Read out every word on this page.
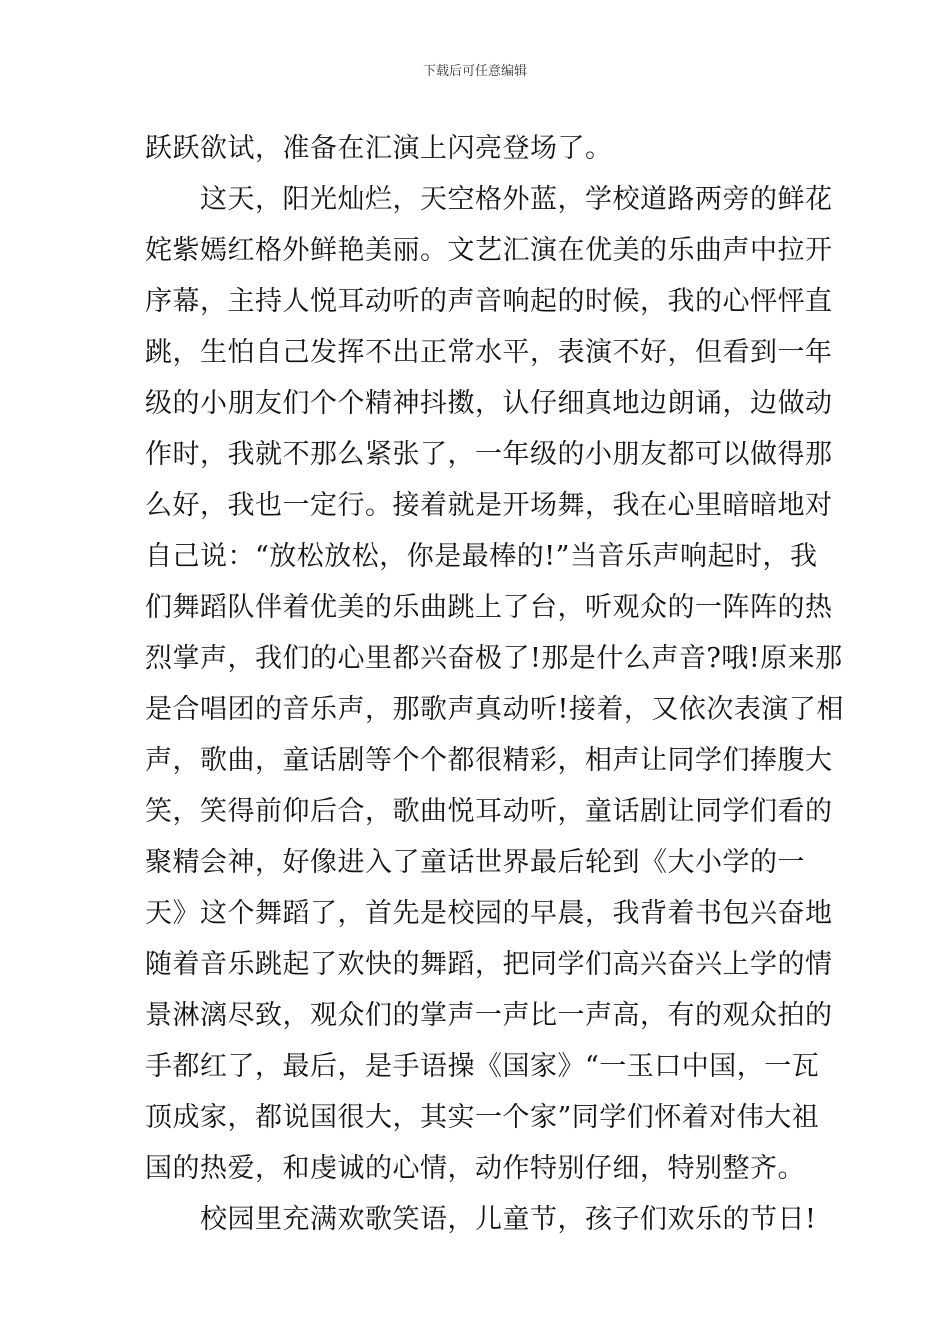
下载后可任意编辑
跃跃欲试，准备在汇演上闪亮登场了。
　　这天，阳光灿烂，天空格外蓝，学校道路两旁的鲜花
姹紫嫣红格外鲜艳美丽。文艺汇演在优美的乐曲声中拉开
序幕，主持人悦耳动听的声音响起的时候，我的心怦怦直
跳，生怕自己发挥不出正常水平，表演不好，但看到一年
级的小朋友们个个精神抖擞，认仔细真地边朗诵，边做动
作时，我就不那么紧张了，一年级的小朋友都可以做得那
么好，我也一定行。接着就是开场舞，我在心里暗暗地对
自己说：“放松放松，你是最棒的!”当音乐声响起时，我
们舞蹈队伴着优美的乐曲跳上了台，听观众的一阵阵的热
烈掌声，我们的心里都兴奋极了!那是什么声音?哦!原来那
是合唱团的音乐声，那歌声真动听!接着，又依次表演了相
声，歌曲，童话剧等个个都很精彩，相声让同学们捧腹大
笑，笑得前仰后合，歌曲悦耳动听，童话剧让同学们看的
聚精会神，好像进入了童话世界最后轮到《大小学的一
天》这个舞蹈了，首先是校园的早晨，我背着书包兴奋地
随着音乐跳起了欢快的舞蹈，把同学们高兴奋兴上学的情
景淋漓尽致，观众们的掌声一声比一声高，有的观众拍的
手都红了，最后，是手语操《国家》“一玉口中国，一瓦
顶成家，都说国很大，其实一个家”同学们怀着对伟大祖
国的热爱，和虔诚的心情，动作特别仔细，特别整齐。
　　校园里充满欢歌笑语，儿童节，孩子们欢乐的节日!
